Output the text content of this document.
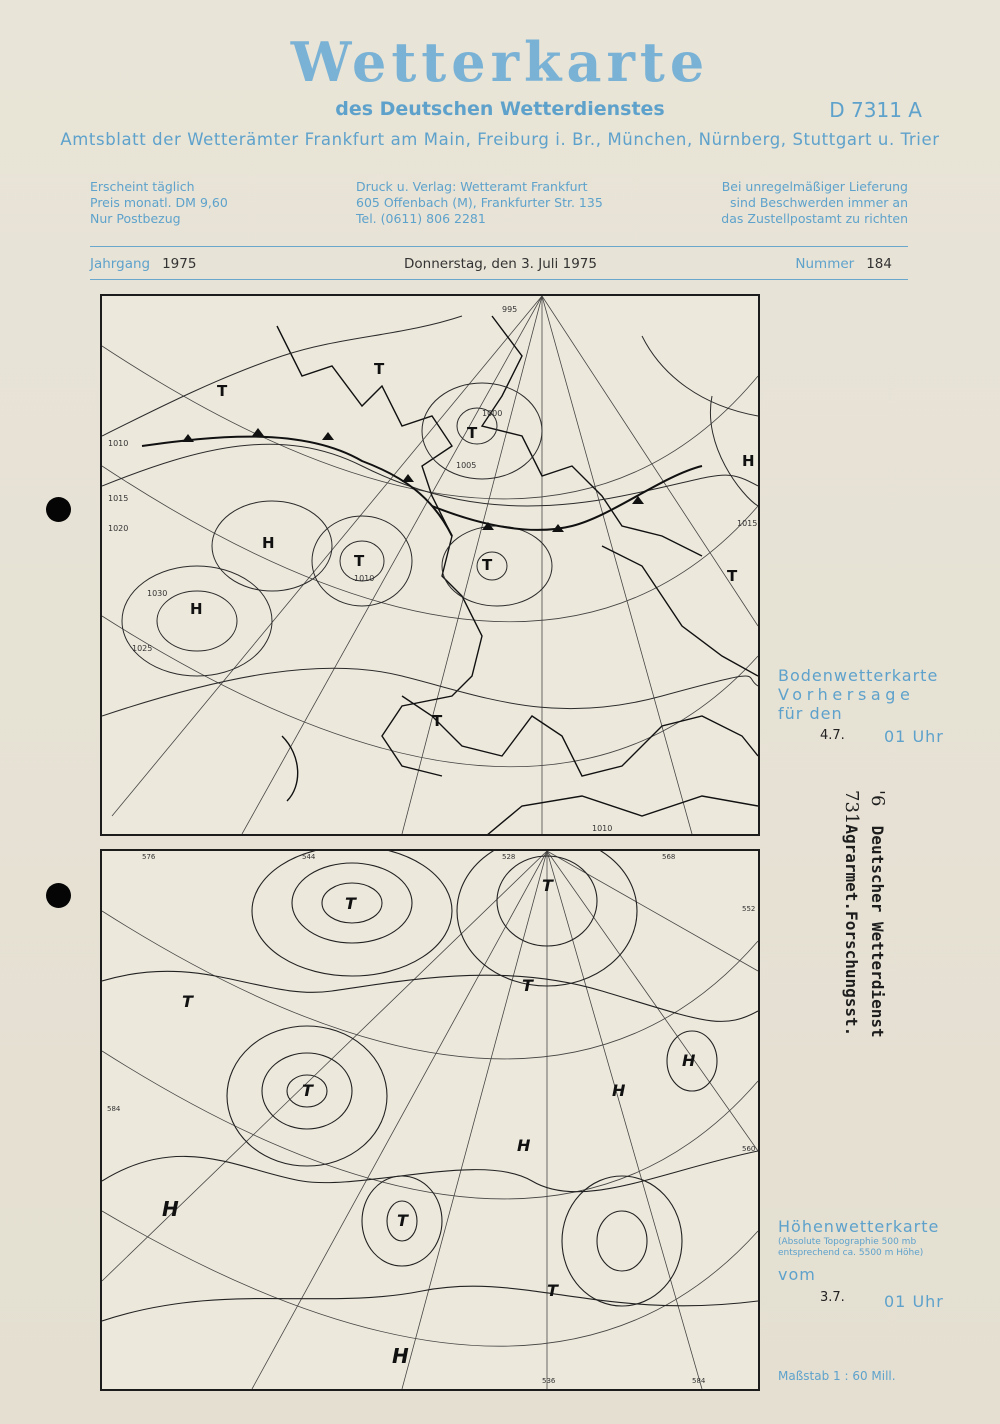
Wetterkarte
des Deutschen Wetterdienstes	D 7311 A
Amtsblatt der Wetterämter Frankfurt am Main, Freiburg i. Br., München, Nürnberg, Stuttgart u. Trier
Erscheint täglich
Preis monatl. DM 9,60
Nur Postbezug
Druck u. Verlag: Wetteramt Frankfurt
605 Offenbach (M), Frankfurter Str. 135
Tel. (0611) 806 2281
Bei unregelmäßiger Lieferung
sind Beschwerden immer an
das Zustellpostamt zu richten
Jahrgang 1975	Donnerstag, den 3. Juli 1975	Nummer 184
H
H
H
T
T
T
T
T
T
T
1010
1015
1020
1025
1030
1005
1000
995
1010
1015
1010
Bodenwetterkarte
Vorhersage
für den
4.7. 01 Uhr
T
T
T
T
T
T
T
H
H
H
H
H
576	528	568
552
584
560
584
536
544
Höhenwetterkarte
(Absolute Topographie 500 mb
entsprechend ca. 5500 m Höhe)
vom
3.7. 01 Uhr
Maßstab 1 : 60 Mill.
'6  Deutscher Wetterdienst
731Agrarmet.Forschungsst.
